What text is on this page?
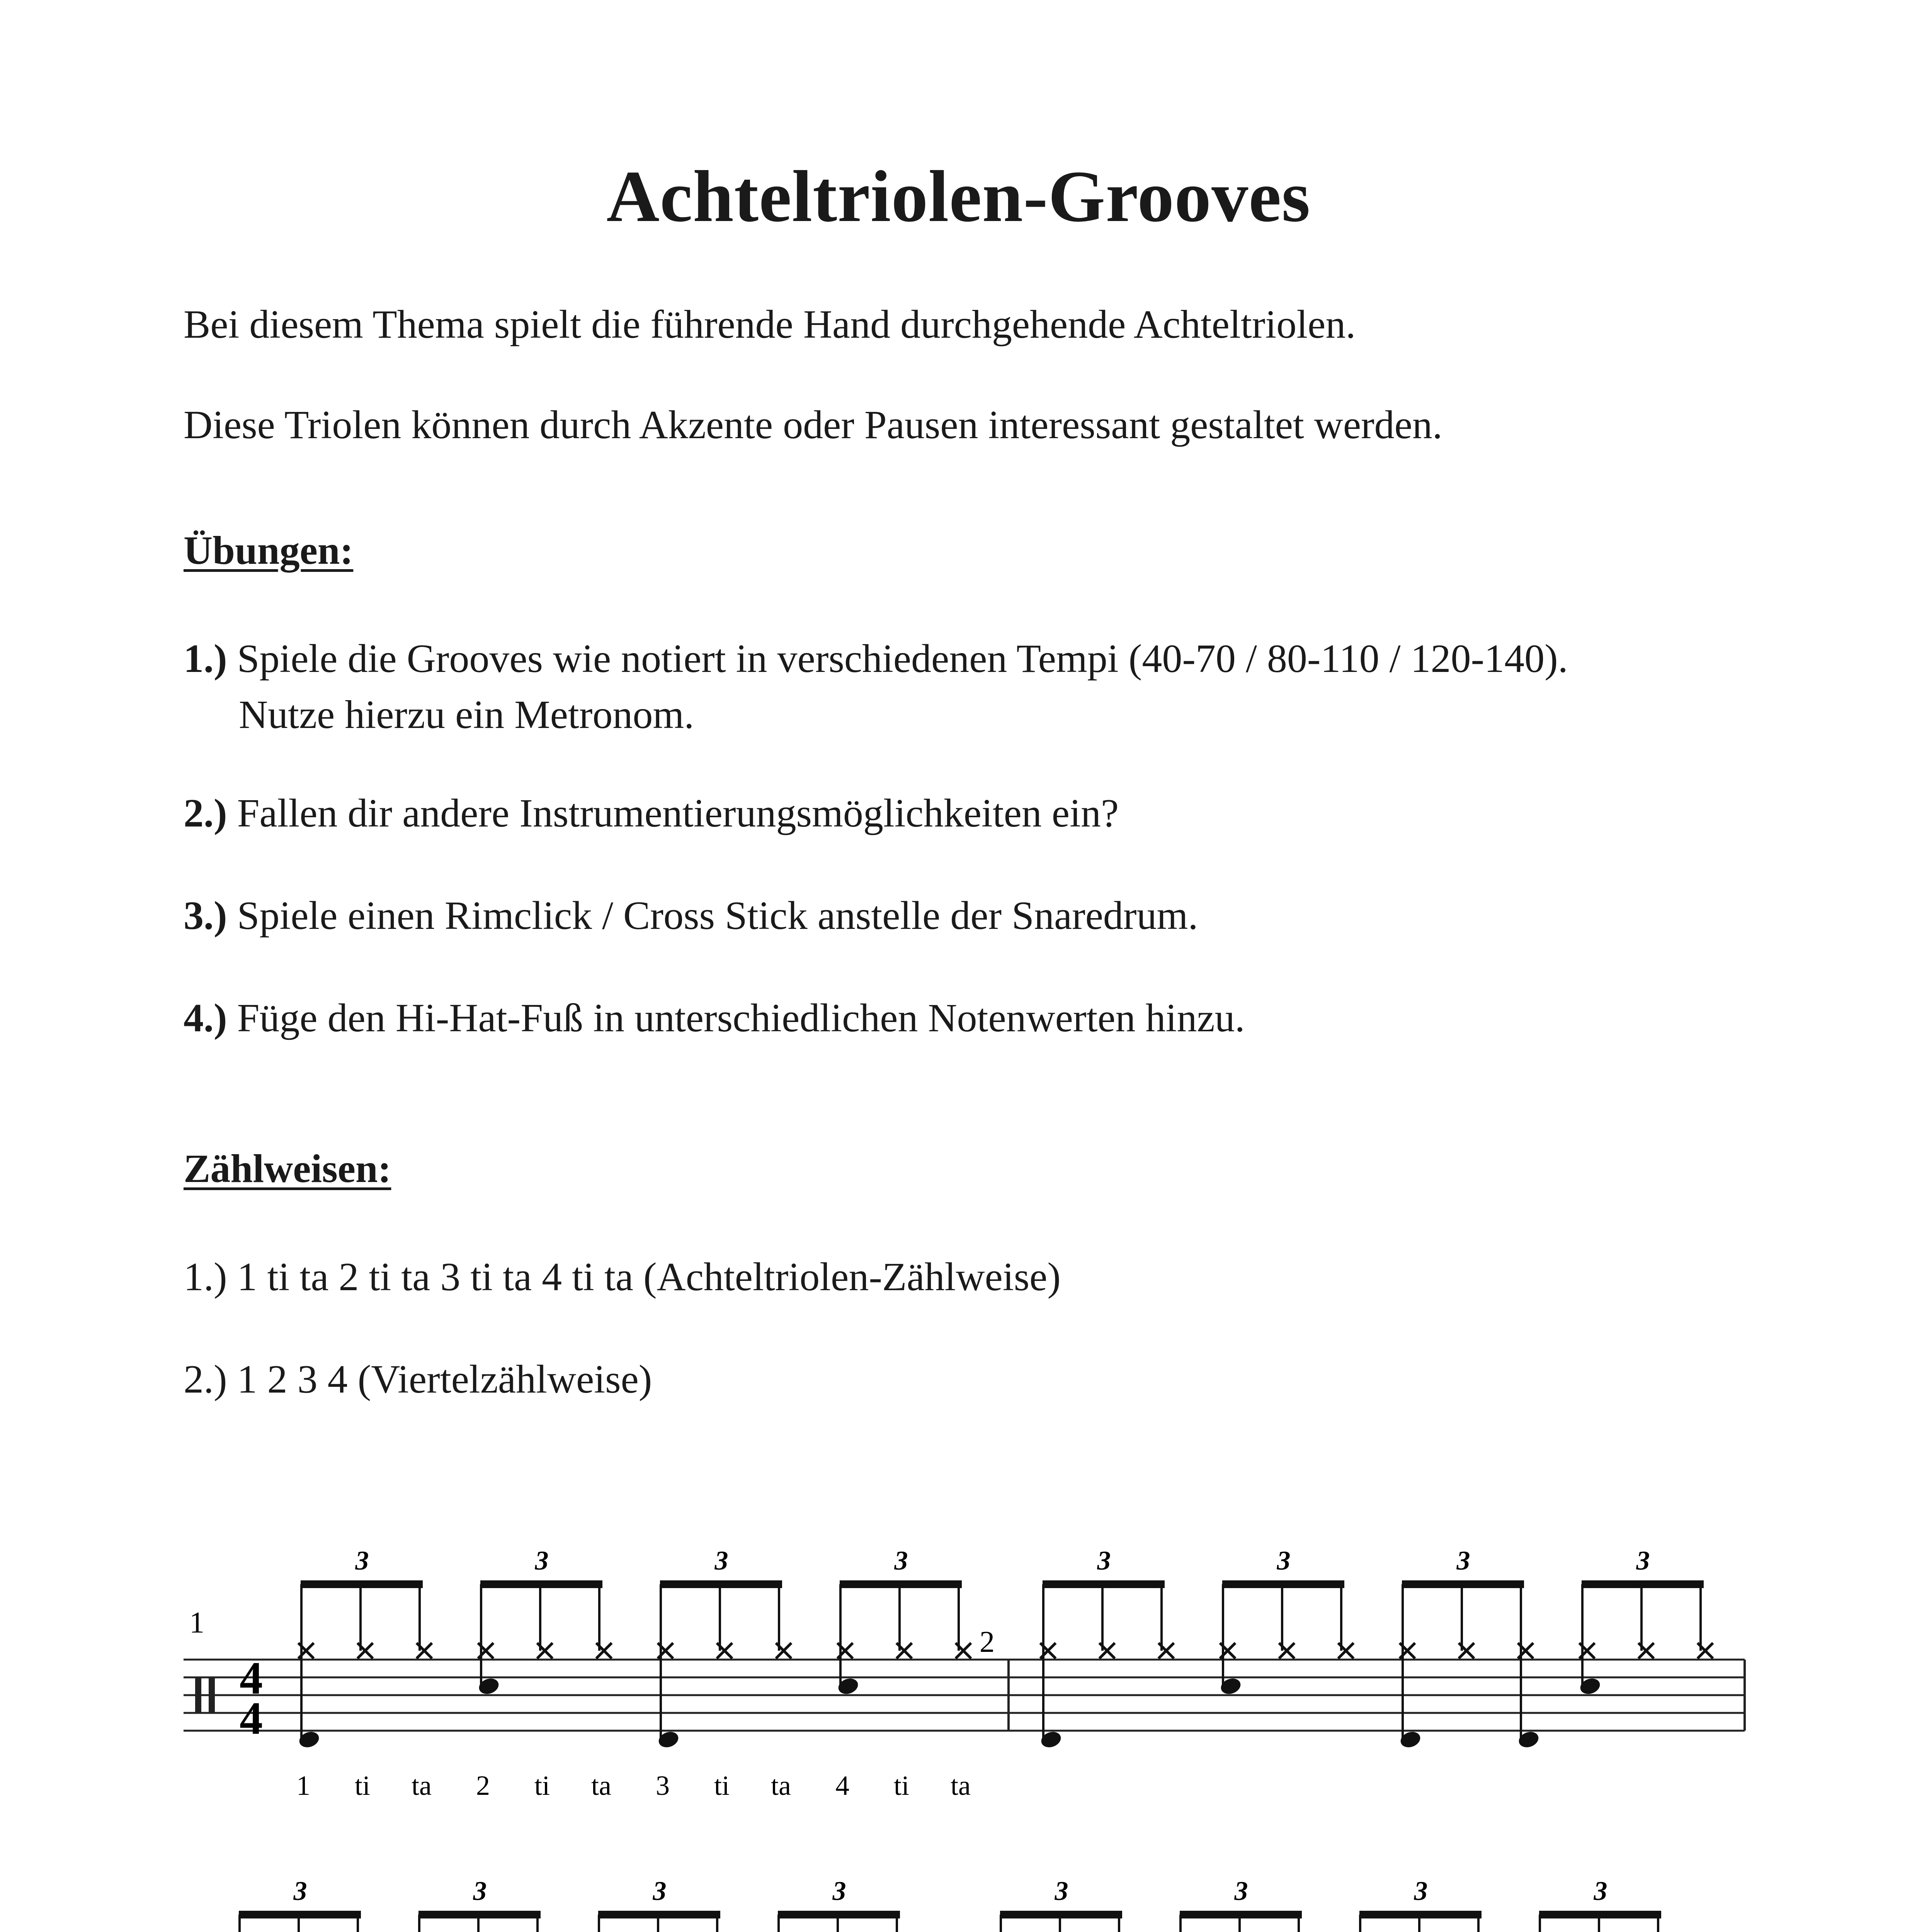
Achteltriolen-Grooves
Bei diesem Thema spielt die führende Hand durchgehende Achteltriolen.
Diese Triolen können durch Akzente oder Pausen interessant gestaltet werden.
Übungen:
1.) Spiele die Grooves wie notiert in verschiedenen Tempi (40-70 / 80-110 / 120-140).
Nutze hierzu ein Metronom.
2.) Fallen dir andere Instrumentierungsmöglichkeiten ein?
3.) Spiele einen Rimclick / Cross Stick anstelle der Snaredrum.
4.) Füge den Hi-Hat-Fuß in unterschiedlichen Notenwerten hinzu.
Zählweisen:
1.) 1 ti ta 2 ti ta 3 ti ta 4 ti ta (Achteltriolen-Zählweise)
2.) 1 2 3 4 (Viertelzählweise)
4
4
1
3	3	3	3
2
3	3	3	3
1 ti ta 2 ti ta 3 ti ta 4 ti ta
3	3	3	3	3	3	3	3
